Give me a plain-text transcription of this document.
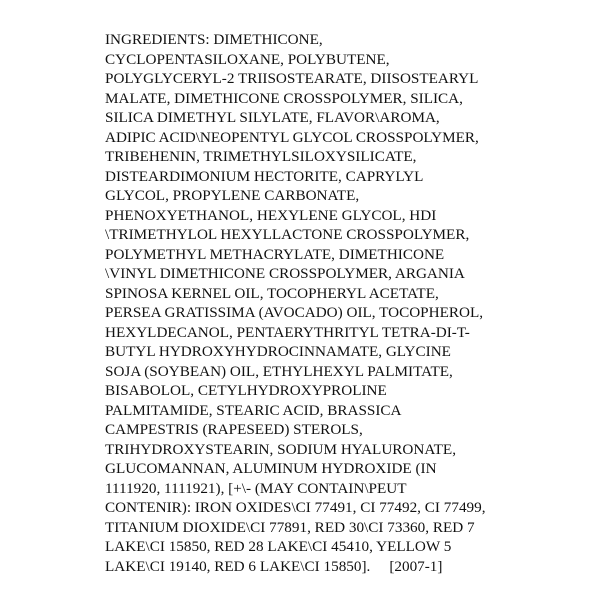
INGREDIENTS: DIMETHICONE,
CYCLOPENTASILOXANE, POLYBUTENE,
POLYGLYCERYL-2 TRIISOSTEARATE, DIISOSTEARYL
MALATE, DIMETHICONE CROSSPOLYMER, SILICA,
SILICA DIMETHYL SILYLATE, FLAVOR\AROMA,
ADIPIC ACID\NEOPENTYL GLYCOL CROSSPOLYMER,
TRIBEHENIN, TRIMETHYLSILOXYSILICATE,
DISTEARDIMONIUM HECTORITE, CAPRYLYL
GLYCOL, PROPYLENE CARBONATE,
PHENOXYETHANOL, HEXYLENE GLYCOL, HDI
\TRIMETHYLOL HEXYLLACTONE CROSSPOLYMER,
POLYMETHYL METHACRYLATE, DIMETHICONE
\VINYL DIMETHICONE CROSSPOLYMER, ARGANIA
SPINOSA KERNEL OIL, TOCOPHERYL ACETATE,
PERSEA GRATISSIMA (AVOCADO) OIL, TOCOPHEROL,
HEXYLDECANOL, PENTAERYTHRITYL TETRA-DI-T-
BUTYL HYDROXYHYDROCINNAMATE, GLYCINE
SOJA (SOYBEAN) OIL, ETHYLHEXYL PALMITATE,
BISABOLOL, CETYLHYDROXYPROLINE
PALMITAMIDE, STEARIC ACID, BRASSICA
CAMPESTRIS (RAPESEED) STEROLS,
TRIHYDROXYSTEARIN, SODIUM HYALURONATE,
GLUCOMANNAN, ALUMINUM HYDROXIDE (IN
1111920, 1111921), [+\- (MAY CONTAIN\PEUT
CONTENIR): IRON OXIDES\CI 77491, CI 77492, CI 77499,
TITANIUM DIOXIDE\CI 77891, RED 30\CI 73360, RED 7
LAKE\CI 15850, RED 28 LAKE\CI 45410, YELLOW 5
LAKE\CI 19140, RED 6 LAKE\CI 15850].     [2007-1]
